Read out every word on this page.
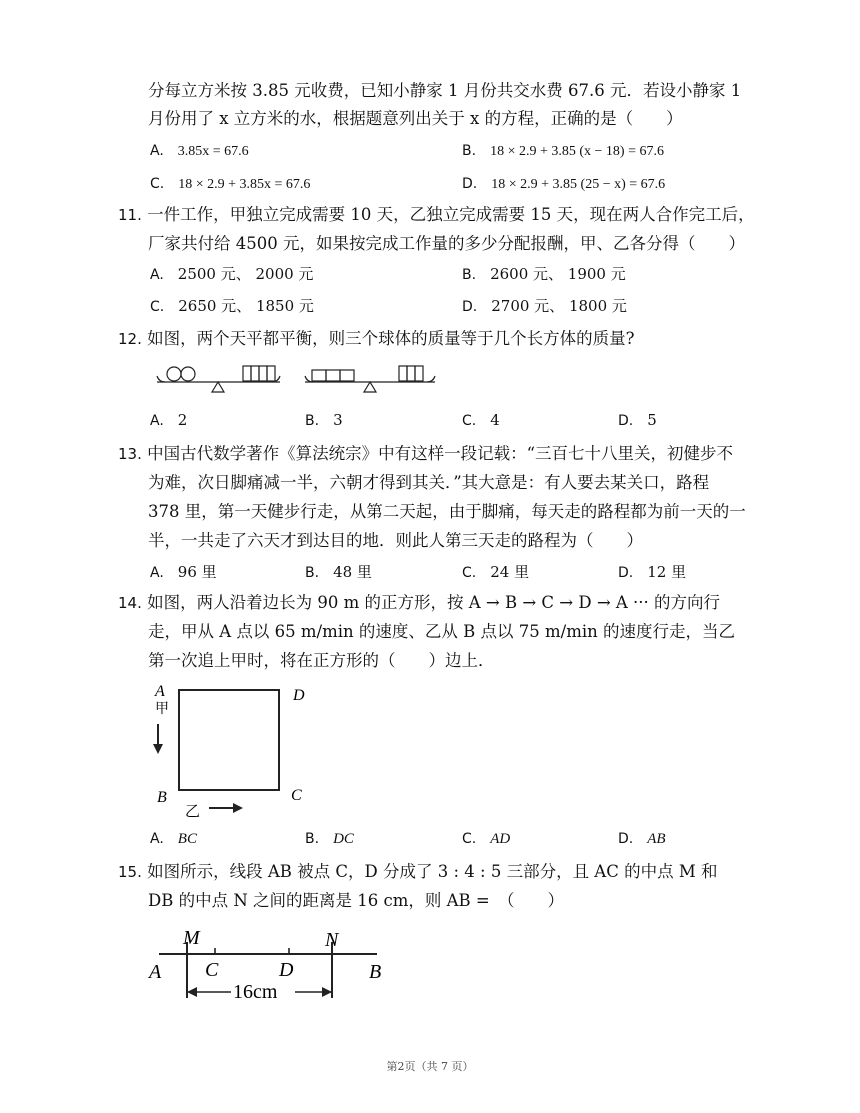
分每立方米按 3.85 元收费，已知小静家 1 月份共交水费 67.6 元．若设小静家 1
月份用了 x 立方米的水，根据题意列出关于 x 的方程，正确的是（　　）
A. 3.85x = 67.6	B. 18 × 2.9 + 3.85 (x − 18) = 67.6
C. 18 × 2.9 + 3.85x = 67.6	D. 18 × 2.9 + 3.85 (25 − x) = 67.6
11. 一件工作，甲独立完成需要 10 天，乙独立完成需要 15 天，现在两人合作完工后，
厂家共付给 4500 元，如果按完成工作量的多少分配报酬，甲、乙各分得（　　）
A. 2500 元、 2000 元	B. 2600 元、 1900 元
C. 2650 元、 1850 元	D. 2700 元、 1800 元
12. 如图，两个天平都平衡，则三个球体的质量等于几个长方体的质量?
A. 2	B. 3	C. 4	D. 5
13. 中国古代数学著作《算法统宗》中有这样一段记载：“三百七十八里关，初健步不
为难，次日脚痛减一半，六朝才得到其关．”其大意是：有人要去某关口，路程
378 里，第一天健步行走，从第二天起，由于脚痛，每天走的路程都为前一天的一
半，一共走了六天才到达目的地．则此人第三天走的路程为（　　）
A. 96 里	B. 48 里	C. 24 里	D. 12 里
14. 如图，两人沿着边长为 90 m 的正方形，按 A → B → C → D → A ··· 的方向行
走，甲从 A 点以 65 m/min 的速度、乙从 B 点以 75 m/min 的速度行走，当乙
第一次追上甲时，将在正方形的（　　）边上．
A
甲
D
B	C
乙
A. BC	B. DC	C. AD	D. AB
15. 如图所示，线段 AB 被点 C，D 分成了 3 : 4 : 5 三部分，且 AC 的中点 M 和
DB 的中点 N 之间的距离是 16 cm，则 AB =　（　　）
M	N
A C	D	B
16cm
第2页（共 7 页）
